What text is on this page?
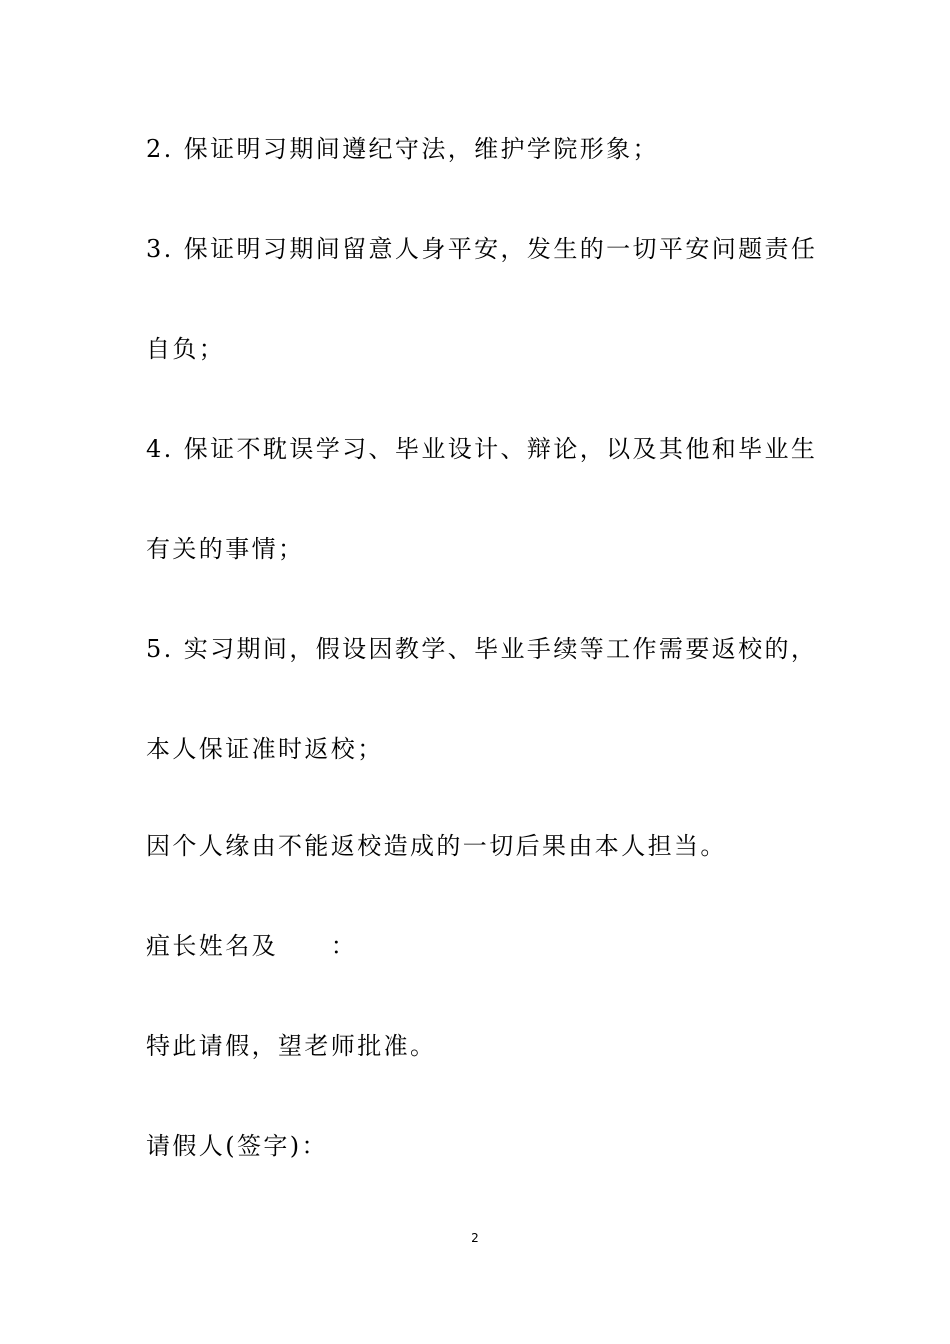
2. 保证明习期间遵纪守法，维护学院形象；
3. 保证明习期间留意人身平安，发生的一切平安问题责任
自负；
4. 保证不耽误学习、毕业设计、辩论，以及其他和毕业生
有关的事情；
5. 实习期间，假设因教学、毕业手续等工作需要返校的，
本人保证准时返校；
因个人缘由不能返校造成的一切后果由本人担当。
疽长姓名及　　：
特此请假，望老师批准。
请假人(签字)：
2
